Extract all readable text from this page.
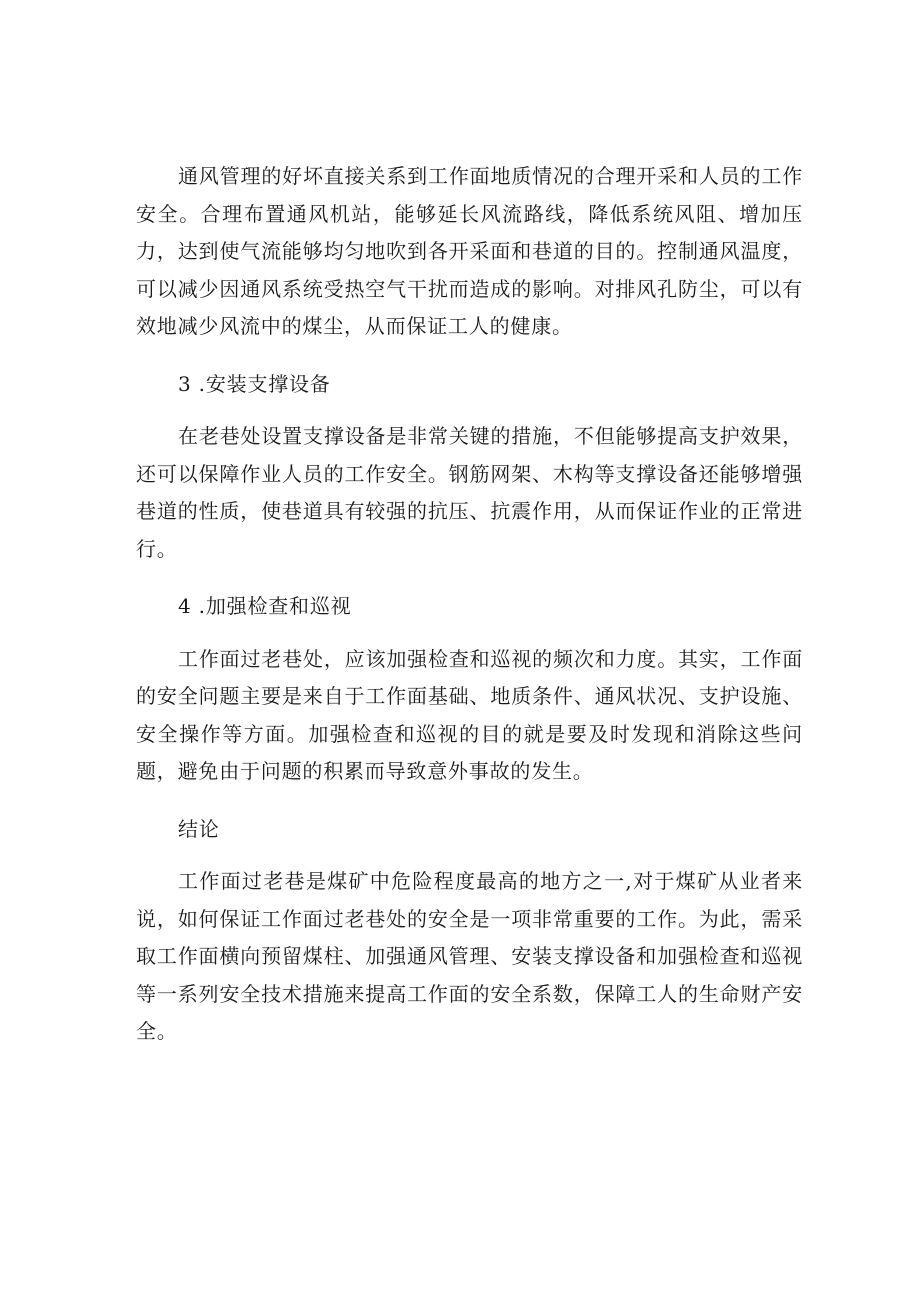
通风管理的好坏直接关系到工作面地质情况的合理开采和人员的工作安全。合理布置通风机站，能够延长风流路线，降低系统风阻、增加压力，达到使气流能够均匀地吹到各开采面和巷道的目的。控制通风温度，可以减少因通风系统受热空气干扰而造成的影响。对排风孔防尘，可以有效地减少风流中的煤尘，从而保证工人的健康。

3 .安装支撑设备

在老巷处设置支撑设备是非常关键的措施，不但能够提高支护效果，还可以保障作业人员的工作安全。钢筋网架、木构等支撑设备还能够增强巷道的性质，使巷道具有较强的抗压、抗震作用，从而保证作业的正常进行。

4 .加强检查和巡视

工作面过老巷处，应该加强检查和巡视的频次和力度。其实，工作面的安全问题主要是来自于工作面基础、地质条件、通风状况、支护设施、安全操作等方面。加强检查和巡视的目的就是要及时发现和消除这些问题，避免由于问题的积累而导致意外事故的发生。

结论

工作面过老巷是煤矿中危险程度最高的地方之一,对于煤矿从业者来说，如何保证工作面过老巷处的安全是一项非常重要的工作。为此，需采取工作面横向预留煤柱、加强通风管理、安装支撑设备和加强检查和巡视等一系列安全技术措施来提高工作面的安全系数，保障工人的生命财产安全。
